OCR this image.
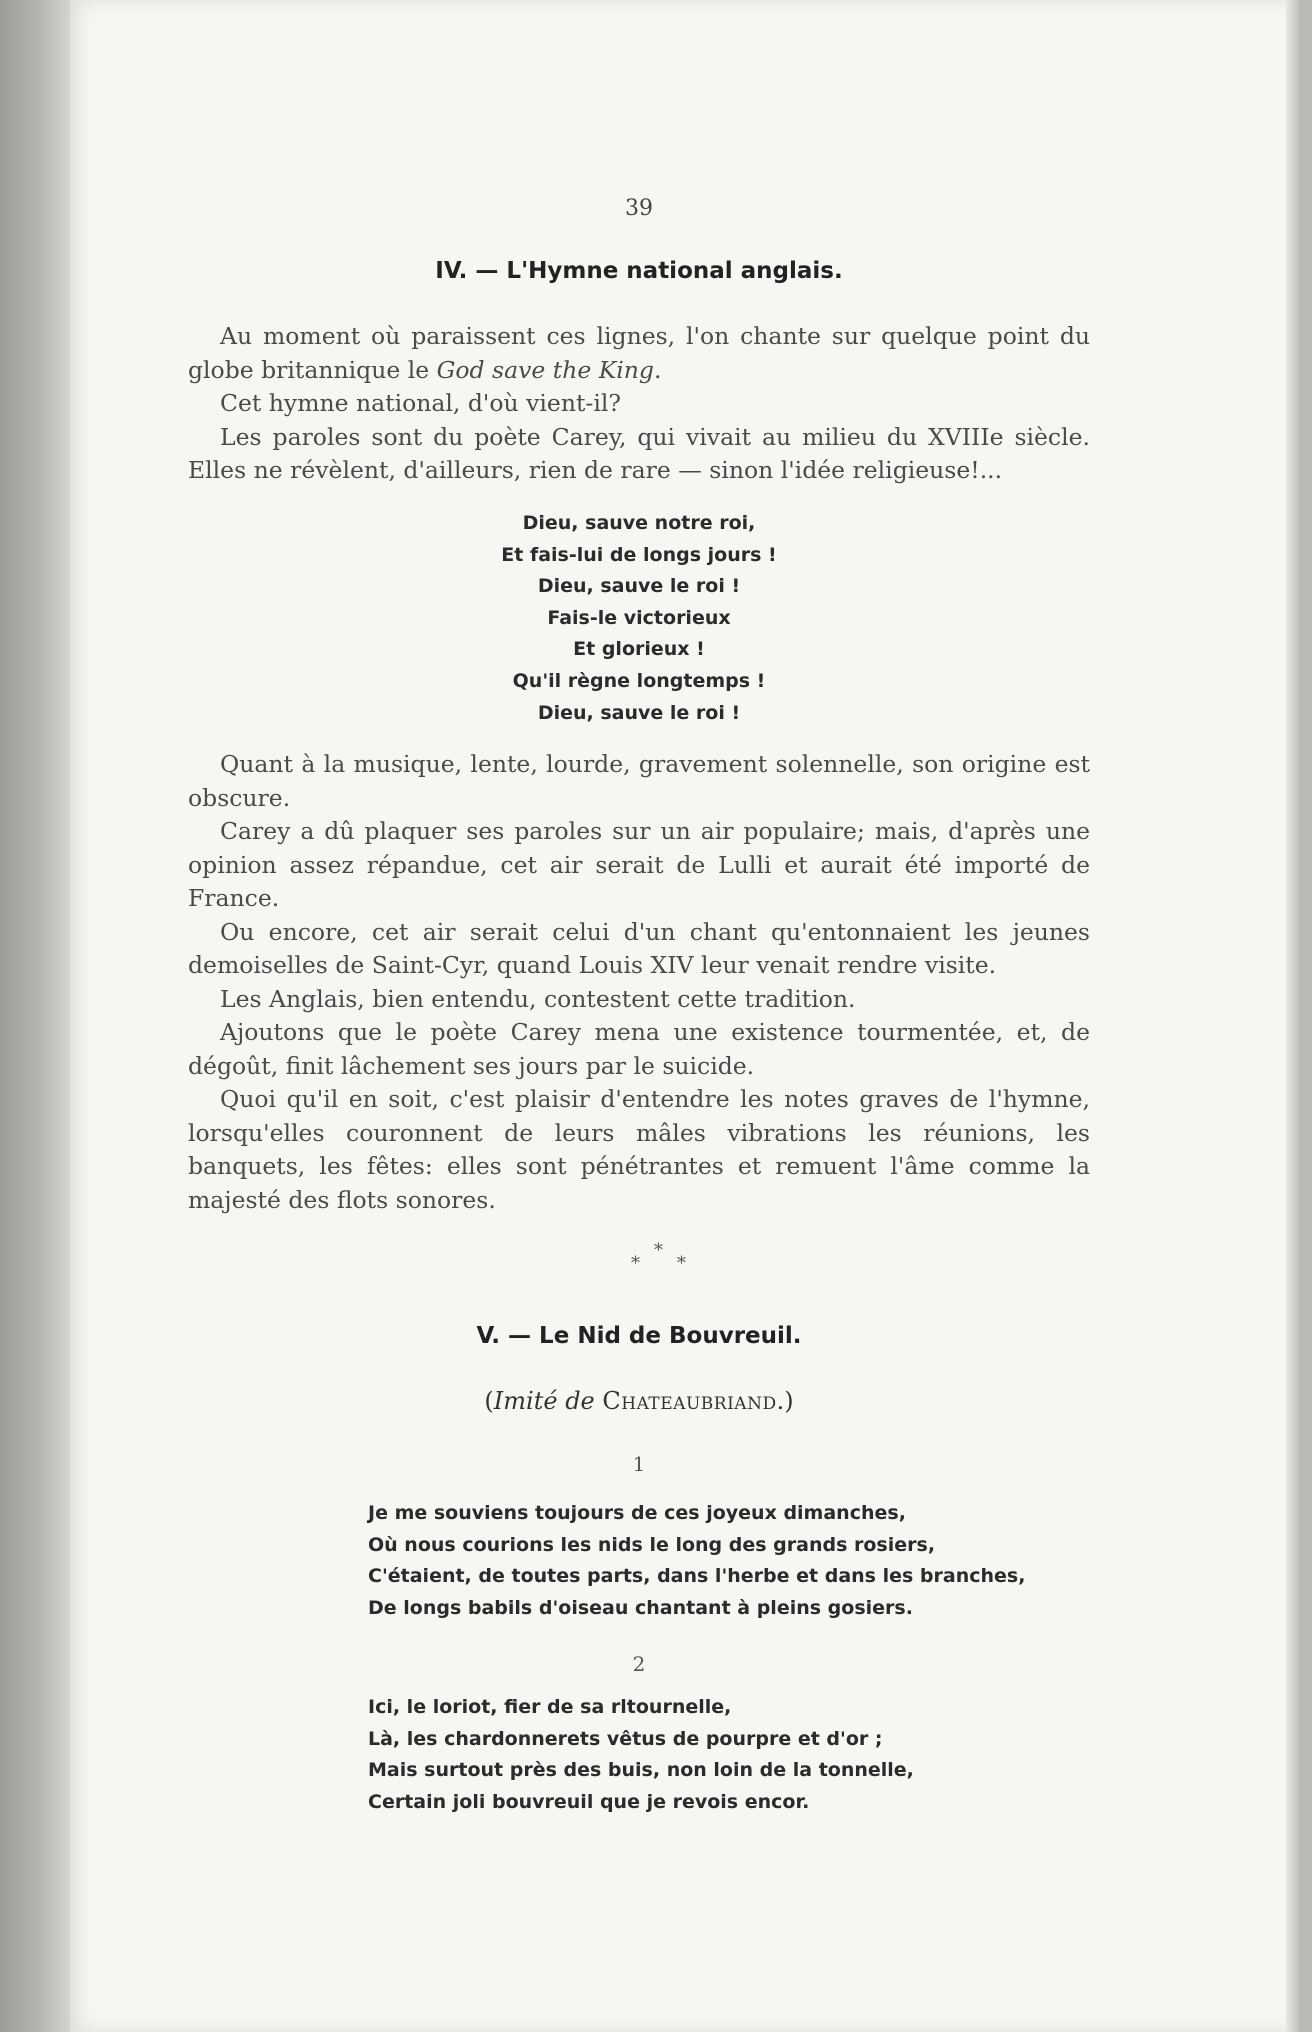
39
IV. — L'Hymne national anglais.

Au moment où paraissent ces lignes, l'on chante sur quelque point du globe britannique le God save the King.

Cet hymne national, d'où vient-il?

Les paroles sont du poète Carey, qui vivait au milieu du XVIIIe siècle. Elles ne révèlent, d'ailleurs, rien de rare — sinon l'idée religieuse!...

Dieu, sauve notre roi,
Et fais-lui de longs jours !
Dieu, sauve le roi !
Fais-le victorieux
Et glorieux !
Qu'il règne longtemps !
Dieu, sauve le roi !

Quant à la musique, lente, lourde, gravement solennelle, son origine est obscure.

Carey a dû plaquer ses paroles sur un air populaire; mais, d'après une opinion assez répandue, cet air serait de Lulli et aurait été importé de France.

Ou encore, cet air serait celui d'un chant qu'entonnaient les jeunes demoiselles de Saint-Cyr, quand Louis XIV leur venait rendre visite.

Les Anglais, bien entendu, contestent cette tradition.

Ajoutons que le poète Carey mena une existence tourmentée, et, de dégoût, finit lâchement ses jours par le suicide.

Quoi qu'il en soit, c'est plaisir d'entendre les notes graves de l'hymne, lorsqu'elles couronnent de leurs mâles vibrations les réunions, les banquets, les fêtes: elles sont pénétrantes et remuent l'âme comme la majesté des flots sonores.

*
* *
V. — Le Nid de Bouvreuil.
(Imité de Chateaubriand.)
1
Je me souviens toujours de ces joyeux dimanches,
Où nous courions les nids le long des grands rosiers,
C'étaient, de toutes parts, dans l'herbe et dans les branches,
De longs babils d'oiseau chantant à pleins gosiers.
2
Ici, le loriot, fier de sa rltournelle,
Là, les chardonnerets vêtus de pourpre et d'or ;
Mais surtout près des buis, non loin de la tonnelle,
Certain joli bouvreuil que je revois encor.
